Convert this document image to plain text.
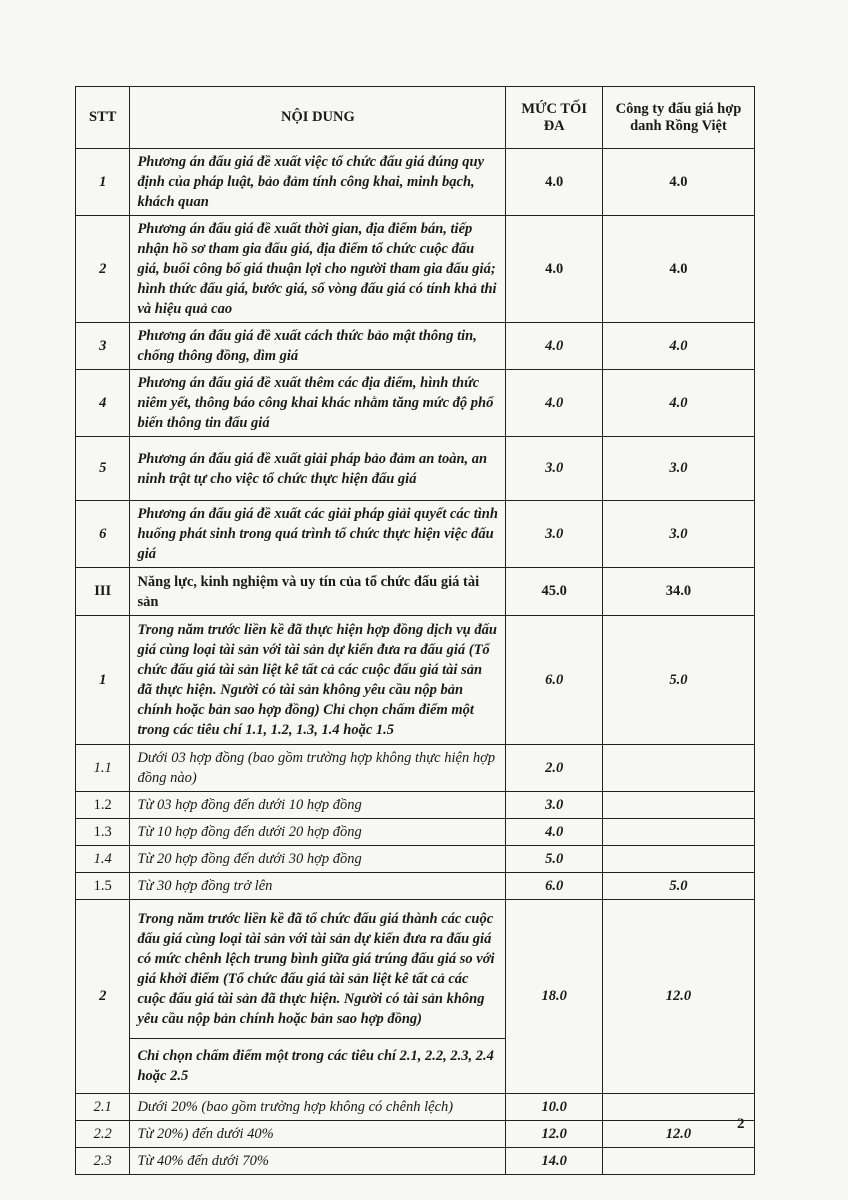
STT	NỘI DUNG	MỨC TỐI ĐA	Công ty đấu giá hợp danh Rồng Việt
1	Phương án đấu giá đề xuất việc tổ chức đấu giá đúng quy định của pháp luật, bảo đảm tính công khai, minh bạch, khách quan	4.0	4.0
2	Phương án đấu giá đề xuất thời gian, địa điểm bán, tiếp nhận hồ sơ tham gia đấu giá, địa điểm tổ chức cuộc đấu giá, buổi công bố giá thuận lợi cho người tham gia đấu giá; hình thức đấu giá, bước giá, số vòng đấu giá có tính khả thi và hiệu quả cao	4.0	4.0
3	Phương án đấu giá đề xuất cách thức bảo mật thông tin, chống thông đồng, dìm giá	4.0	4.0
4	Phương án đấu giá đề xuất thêm các địa điểm, hình thức niêm yết, thông báo công khai khác nhằm tăng mức độ phổ biến thông tin đấu giá	4.0	4.0
5	Phương án đấu giá đề xuất giải pháp bảo đảm an toàn, an ninh trật tự cho việc tổ chức thực hiện đấu giá	3.0	3.0
6	Phương án đấu giá đề xuất các giải pháp giải quyết các tình huống phát sinh trong quá trình tổ chức thực hiện việc đấu giá	3.0	3.0
III	Năng lực, kinh nghiệm và uy tín của tổ chức đấu giá tài sản	45.0	34.0
1	Trong năm trước liền kề đã thực hiện hợp đồng dịch vụ đấu giá cùng loại tài sản với tài sản dự kiến đưa ra đấu giá (Tổ chức đấu giá tài sản liệt kê tất cả các cuộc đấu giá tài sản đã thực hiện. Người có tài sản không yêu cầu nộp bản chính hoặc bản sao hợp đồng) Chỉ chọn chấm điểm một trong các tiêu chí 1.1, 1.2, 1.3, 1.4 hoặc 1.5	6.0	5.0
1.1	Dưới 03 hợp đồng (bao gồm trường hợp không thực hiện hợp đồng nào)	2.0	
1.2	Từ 03 hợp đồng đến dưới 10 hợp đồng	3.0	
1.3	Từ 10 hợp đồng đến dưới 20 hợp đồng	4.0	
1.4	Từ 20 hợp đồng đến dưới 30 hợp đồng	5.0	
1.5	Từ 30 hợp đồng trở lên	6.0	5.0
2	Trong năm trước liền kề đã tổ chức đấu giá thành các cuộc đấu giá cùng loại tài sản với tài sản dự kiến đưa ra đấu giá có mức chênh lệch trung bình giữa giá trúng đấu giá so với giá khởi điểm (Tổ chức đấu giá tài sản liệt kê tất cả các cuộc đấu giá tài sản đã thực hiện. Người có tài sản không yêu cầu nộp bản chính hoặc bản sao hợp đồng)	18.0	12.0
	Chỉ chọn chấm điểm một trong các tiêu chí 2.1, 2.2, 2.3, 2.4 hoặc 2.5		
2.1	Dưới 20% (bao gồm trường hợp không có chênh lệch)	10.0	
2.2	Từ 20%) đến dưới 40%	12.0	12.0
2.3	Từ 40% đến dưới 70%	14.0	
2
